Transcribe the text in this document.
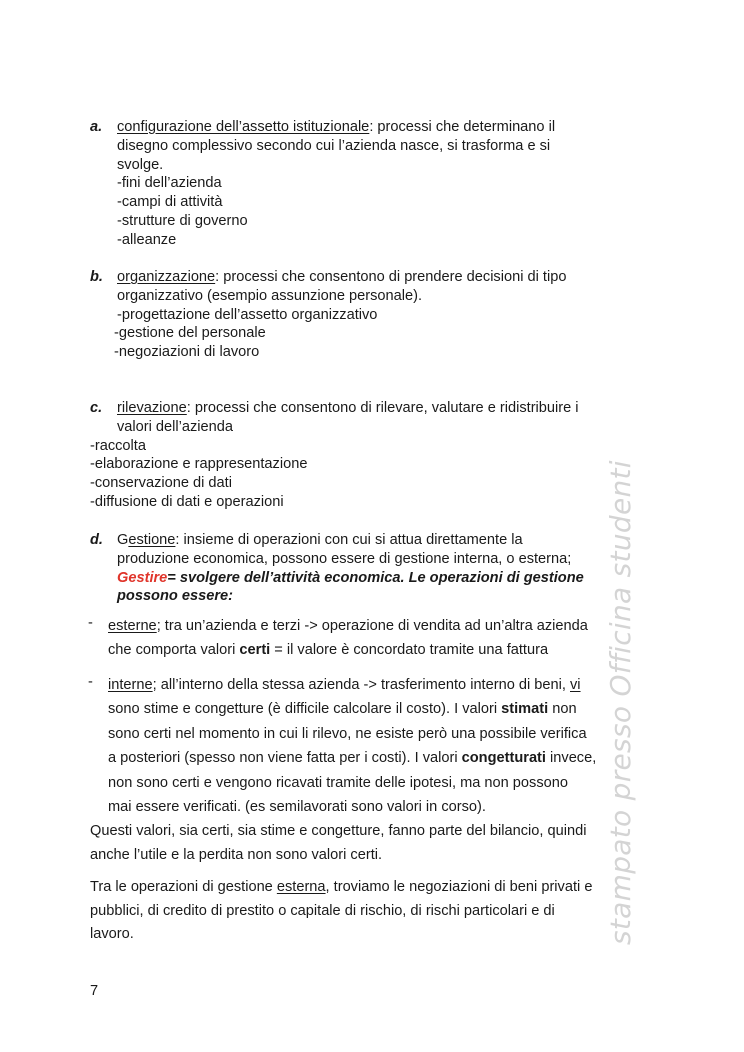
a. configurazione dell’assetto istituzionale: processi che determinano il
disegno complessivo secondo cui l’azienda nasce, si trasforma e si
svolge.
-fini dell’azienda
-campi di attività
-strutture di governo
-alleanze
b. organizzazione: processi che consentono di prendere decisioni di tipo
organizzativo (esempio assunzione personale).
-progettazione dell’assetto organizzativo
-gestione del personale
-negoziazioni di lavoro
c. rilevazione: processi che consentono di rilevare, valutare e ridistribuire i
valori dell’azienda
-raccolta
-elaborazione e rappresentazione
-conservazione di dati
-diffusione di dati e operazioni
d. Gestione: insieme di operazioni con cui si attua direttamente la
produzione economica, possono essere di gestione interna, o esterna;
Gestire= svolgere dell’attività economica. Le operazioni di gestione
possono essere:
- esterne; tra un’azienda e terzi -> operazione di vendita ad un’altra azienda
che comporta valori certi = il valore è concordato tramite una fattura
- interne; all’interno della stessa azienda -> trasferimento interno di beni, vi
sono stime e congetture (è difficile calcolare il costo). I valori stimati non
sono certi nel momento in cui li rilevo, ne esiste però una possibile verifica
a posteriori (spesso non viene fatta per i costi). I valori congetturati invece,
non sono certi e vengono ricavati tramite delle ipotesi, ma non possono
mai essere verificati. (es semilavorati sono valori in corso).
Questi valori, sia certi, sia stime e congetture, fanno parte del bilancio, quindi
anche l’utile e la perdita non sono valori certi.
Tra le operazioni di gestione esterna, troviamo le negoziazioni di beni privati e
pubblici, di credito di prestito o capitale di rischio, di rischi particolari e di
lavoro.	stampato presso Officina studenti
7
